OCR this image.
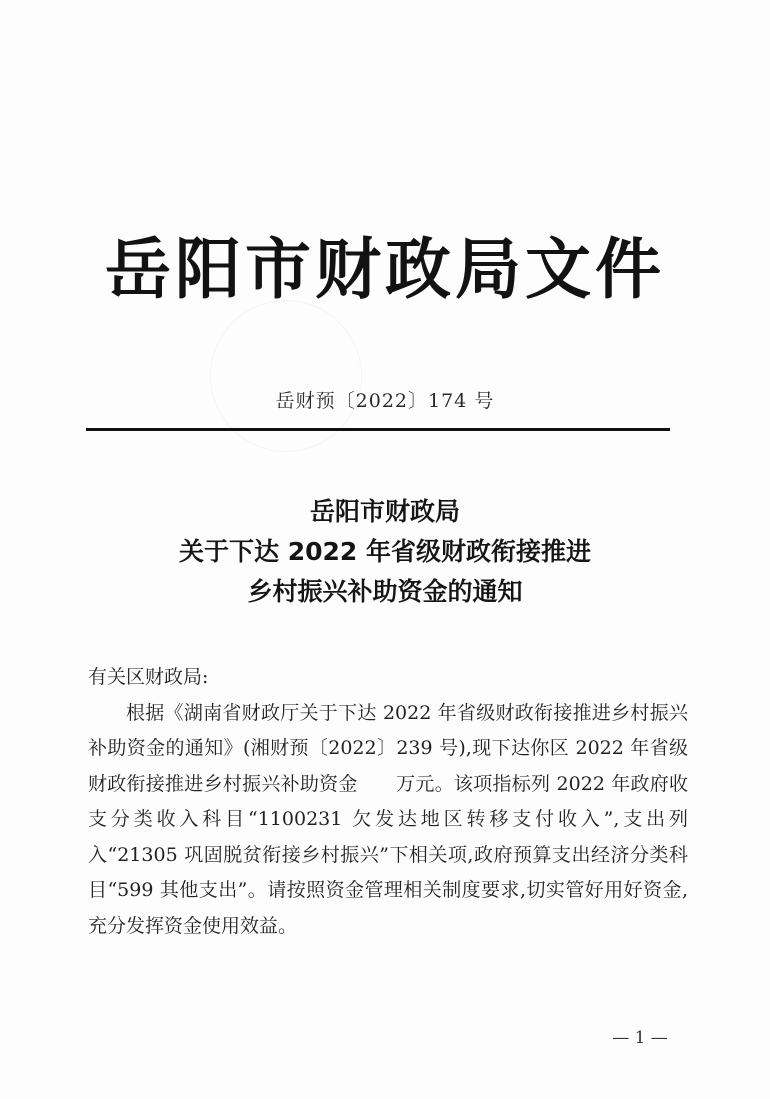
岳阳市财政局文件
岳财预〔2022〕174 号
岳阳市财政局
关于下达 2022 年省级财政衔接推进
乡村振兴补助资金的通知
有关区财政局:

根据《湖南省财政厅关于下达 2022 年省级财政衔接推进乡村振兴补助资金的通知》(湘财预〔2022〕239 号),现下达你区 2022 年省级财政衔接推进乡村振兴补助资金　　万元。该项指标列 2022 年政府收支分类收入科目“1100231 欠发达地区转移支付收入”,支出列入“21305 巩固脱贫衔接乡村振兴”下相关项,政府预算支出经济分类科目“599 其他支出”。请按照资金管理相关制度要求,切实管好用好资金,充分发挥资金使用效益。

— 1 —
